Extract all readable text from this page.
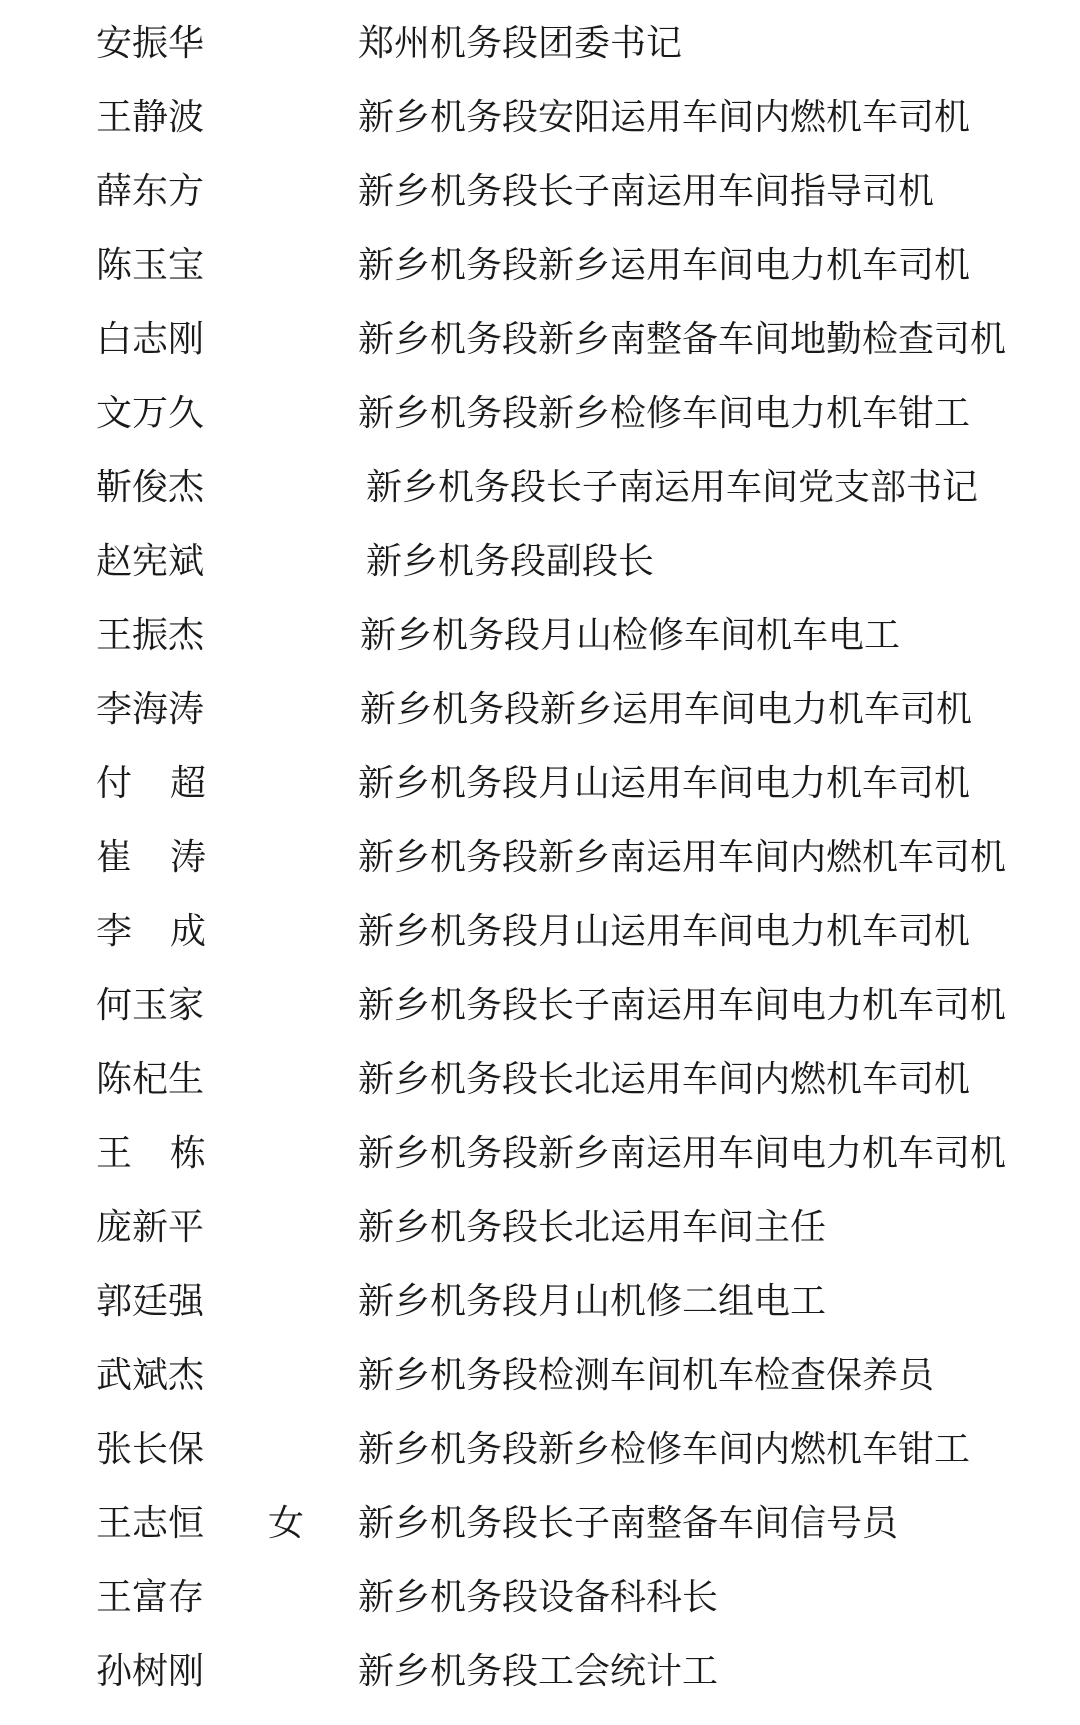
安振华	郑州机务段团委书记
王静波	新乡机务段安阳运用车间内燃机车司机
薛东方	新乡机务段长子南运用车间指导司机
陈玉宝	新乡机务段新乡运用车间电力机车司机
白志刚	新乡机务段新乡南整备车间地勤检查司机
文万久	新乡机务段新乡检修车间电力机车钳工
靳俊杰	新乡机务段长子南运用车间党支部书记
赵宪斌	新乡机务段副段长
王振杰	新乡机务段月山检修车间机车电工
李海涛	新乡机务段新乡运用车间电力机车司机
付超	新乡机务段月山运用车间电力机车司机
崔涛	新乡机务段新乡南运用车间内燃机车司机
李成	新乡机务段月山运用车间电力机车司机
何玉家	新乡机务段长子南运用车间电力机车司机
陈杞生	新乡机务段长北运用车间内燃机车司机
王栋	新乡机务段新乡南运用车间电力机车司机
庞新平	新乡机务段长北运用车间主任
郭廷强	新乡机务段月山机修二组电工
武斌杰	新乡机务段检测车间机车检查保养员
张长保	新乡机务段新乡检修车间内燃机车钳工
王志恒	女 新乡机务段长子南整备车间信号员
王富存	新乡机务段设备科科长
孙树刚	新乡机务段工会统计工
